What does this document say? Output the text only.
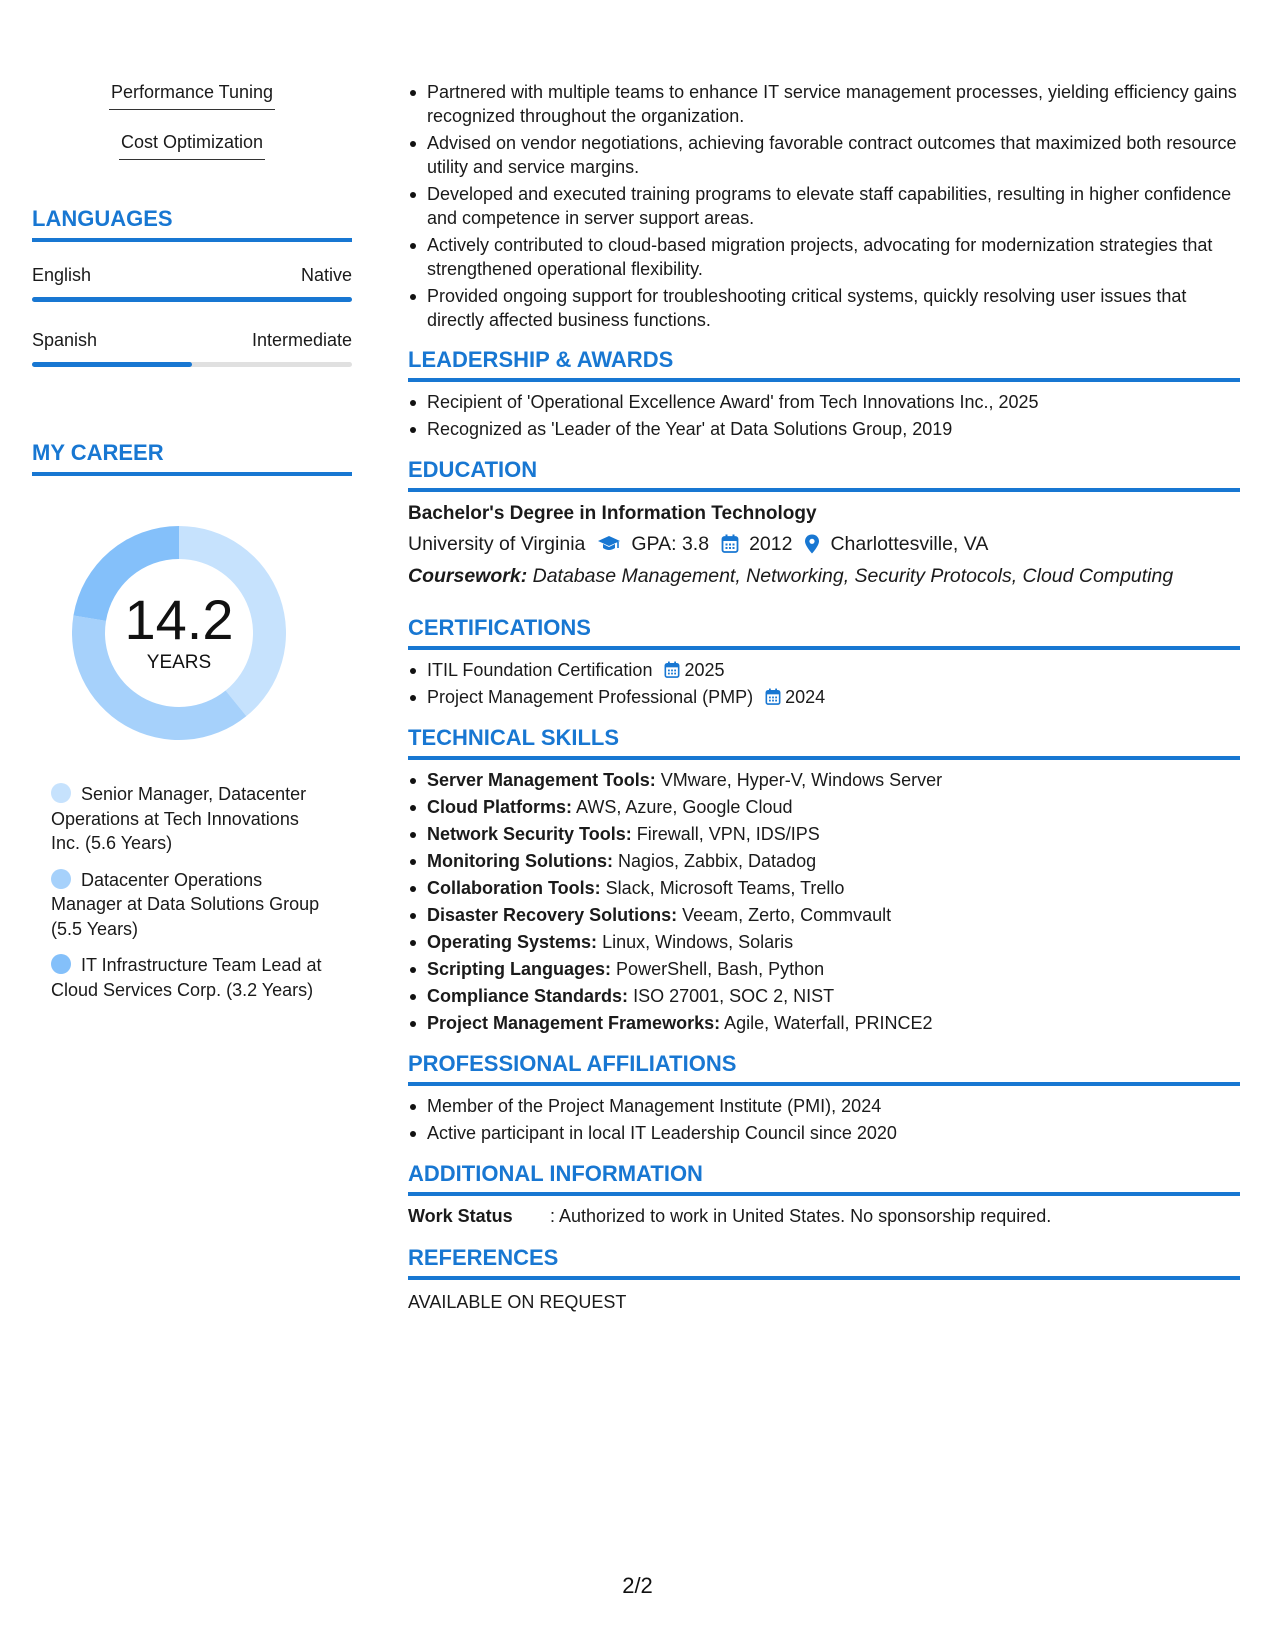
Performance Tuning
Cost Optimization
LANGUAGES
English	Native
Spanish	Intermediate
MY CAREER
14.2
YEARS
Senior Manager, Datacenter Operations at Tech Innovations Inc. (5.6 Years)
Datacenter Operations Manager at Data Solutions Group (5.5 Years)
IT Infrastructure Team Lead at Cloud Services Corp. (3.2 Years)
Partnered with multiple teams to enhance IT service management processes, yielding efficiency gains recognized throughout the organization.
Advised on vendor negotiations, achieving favorable contract outcomes that maximized both resource utility and service margins.
Developed and executed training programs to elevate staff capabilities, resulting in higher confidence and competence in server support areas.
Actively contributed to cloud-based migration projects, advocating for modernization strategies that strengthened operational flexibility.
Provided ongoing support for troubleshooting critical systems, quickly resolving user issues that directly affected business functions.
LEADERSHIP & AWARDS
Recipient of 'Operational Excellence Award' from Tech Innovations Inc., 2025
Recognized as 'Leader of the Year' at Data Solutions Group, 2019
EDUCATION
Bachelor's Degree in Information Technology
University of Virginia GPA: 3.8 2012 Charlottesville, VA
Coursework: Database Management, Networking, Security Protocols, Cloud Computing
CERTIFICATIONS
ITIL Foundation Certification 2025
Project Management Professional (PMP) 2024
TECHNICAL SKILLS
Server Management Tools: VMware, Hyper-V, Windows Server
Cloud Platforms: AWS, Azure, Google Cloud
Network Security Tools: Firewall, VPN, IDS/IPS
Monitoring Solutions: Nagios, Zabbix, Datadog
Collaboration Tools: Slack, Microsoft Teams, Trello
Disaster Recovery Solutions: Veeam, Zerto, Commvault
Operating Systems: Linux, Windows, Solaris
Scripting Languages: PowerShell, Bash, Python
Compliance Standards: ISO 27001, SOC 2, NIST
Project Management Frameworks: Agile, Waterfall, PRINCE2
PROFESSIONAL AFFILIATIONS
Member of the Project Management Institute (PMI), 2024
Active participant in local IT Leadership Council since 2020
ADDITIONAL INFORMATION
Work Status	: Authorized to work in United States. No sponsorship required.
REFERENCES
AVAILABLE ON REQUEST
2/2
